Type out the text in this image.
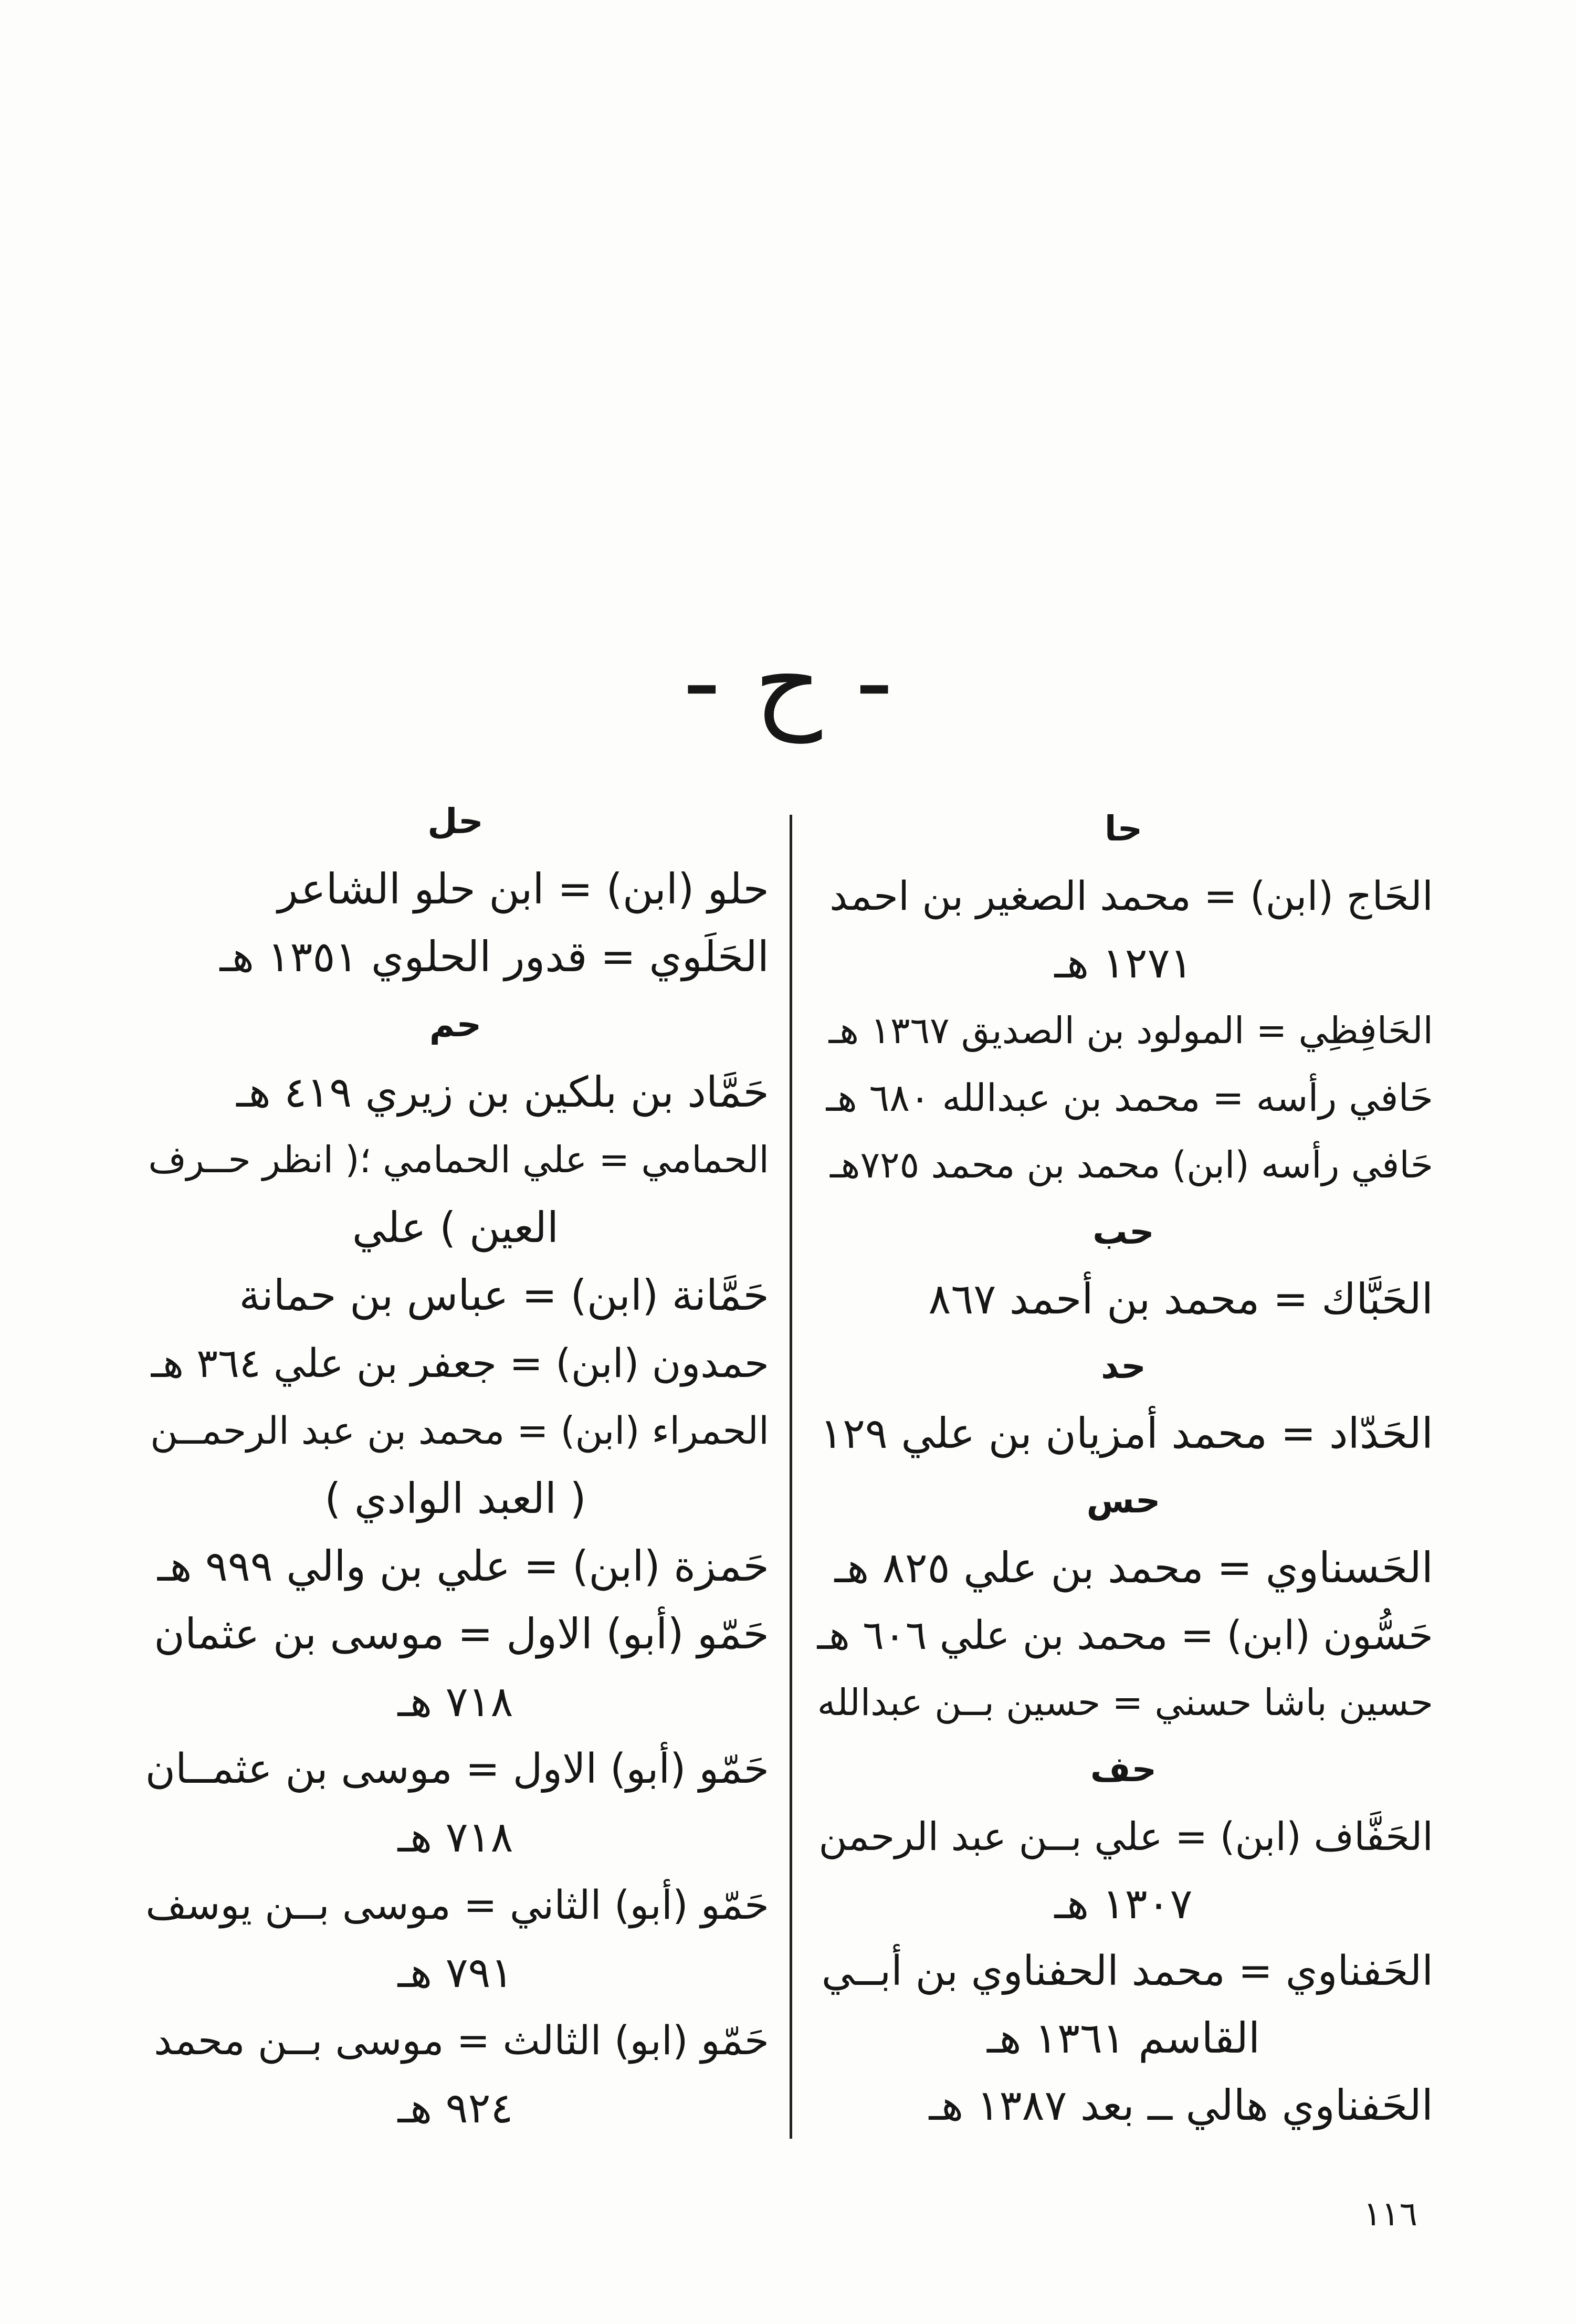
- ح -
حا
الحَاج (ابن) = محمد الصغير بن احمد
١٢٧١ هـ
الحَافِظِي = المولود بن الصديق ١٣٦٧ هـ
حَافي رأسه = محمد بن عبدالله ٦٨٠ هـ
حَافي رأسه (ابن) محمد بن محمد ٧٢٥هـ
حب
الحَبَّاك = محمد بن أحمد ٨٦٧
حد
الحَدّاد = محمد أمزيان بن علي ١٢٩
حس
الحَسناوي = محمد بن علي ٨٢٥ هـ
حَسُّون (ابن) = محمد بن علي ٦٠٦ هـ
حسين باشا حسني = حسين بــن عبدالله
حف
الحَفَّاف (ابن) = علي بــن عبد الرحمن
١٣٠٧ هـ
الحَفناوي = محمد الحفناوي بن أبــي
القاسم ١٣٦١ هـ
الحَفناوي هالي ــ بعد ١٣٨٧ هـ
حل
حلو (ابن) = ابن حلو الشاعر
الحَلَوي = قدور الحلوي ١٣٥١ هـ
حم
حَمَّاد بن بلكين بن زيري ٤١٩ هـ
الحمامي = علي الحمامي ؛( انظر حــرف
العين ) علي
حَمَّانة (ابن) = عباس بن حمانة
حمدون (ابن) = جعفر بن علي ٣٦٤ هـ
الحمراء (ابن) = محمد بن عبد الرحمــن
( العبد الوادي )
حَمزة (ابن) = علي بن والي ٩٩٩ هـ
حَمّو (أبو) الاول = موسى بن عثمان
٧١٨ هـ
حَمّو (أبو) الاول = موسى بن عثمــان
٧١٨ هـ
حَمّو (أبو) الثاني = موسى بــن يوسف
٧٩١ هـ
حَمّو (ابو) الثالث = موسى بــن محمد
٩٢٤ هـ
١١٦
